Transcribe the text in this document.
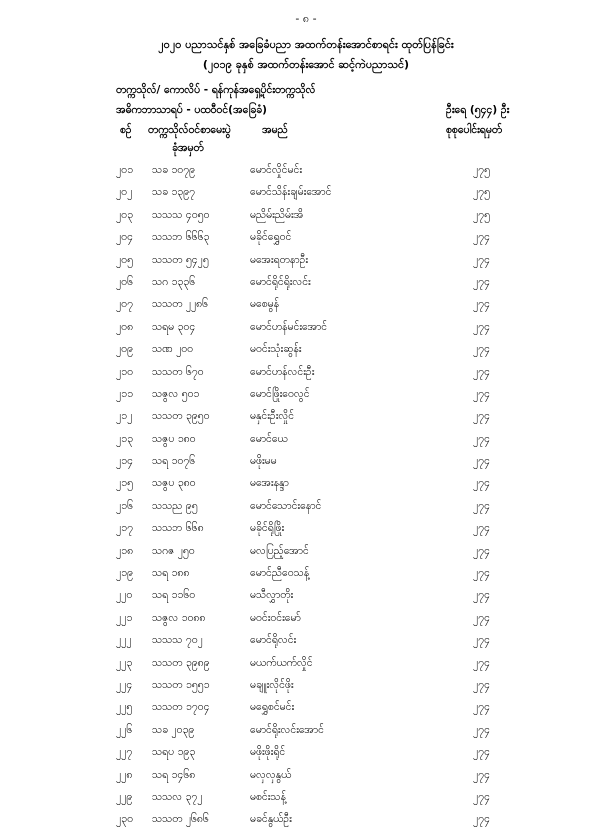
- ၈ -
၂၀၂၀ ပညာသင်နှစ် အခြေခံပညာ အထက်တန်းအောင်စာရင်း ထုတ်ပြန်ခြင်း
(၂၀၁၉ ခုနှစ် အထက်တန်းအောင် ဆင့်ကဲပညာသင်)
တက္ကသိုလ်/ ကောလိပ် - ရန်ကုန်အရှေ့ပိုင်းတက္ကသိုလ်
အဓိကဘာသာရပ် - ပထဝီဝင်(အခြေခံ)	ဦးရေ (၅၄၄) ဦး
စဉ် တက္ကသိုလ်ဝင်စာမေးပွဲ
ခုံအမှတ်
အမည်	စုစုပေါင်းရမှတ်
၂၀၁ သခ ၁၀၇၉	မောင်လှိုင်မင်း	၂၇၅
၂၀၂ သခ ၁၃၉၇	မောင်သိန်းချမ်းအောင်	၂၇၅
၂၀၃ သသသ ၄၀၅၀	မညိမ်းညိမ်းအိ	၂၇၅
၂၀၄ သသဘ ၆၆၆၃	မခိုင်ရွှေဝင်	၂၇၄
၂၀၅ သသတ ၅၄၂၅	မအေးရတနာဦး	၂၇၄
၂၀၆ သဂ ၁၃၃၆	မောင်ရိုင်ရိုးလင်း	၂၇၄
၂၀၇ သသတ ၂၂၈၆	မစေမွန်	၂၇၄
၂၀၈ သရမ ၃၀၄	မောင်ဟန်မင်းအောင်	၂၇၄
၂၀၉ သဏ ၂၀၀	မဝင်းသုံးဆွန်း	၂၇၄
၂၁၀ သသတ ၆၇၀	မောင်ဟန်လင်းဦး	၂၇၄
၂၁၁ သဇွလ ၅၀၁	မောင်ဖြိုးဝေလွင်	၂၇၄
၂၁၂ သသတ ၃၉၅၀	မနှင်းဦးလှိုင်	၂၇၄
၂၁၃ သဇွပ ၁၈၀	မောင်ယေ	၂၇၄
၂၁၄ သရ ၁၀၇၆	မဖိုးမမ	၂၇၄
၂၁၅ သဇွပ ၃၈၀	မအေးနန္ဒာ	၂၇၄
၂၁၆ သသည ၉၅	မောင်သောင်းနောင်	၂၇၄
၂၁၇ သသဘ ၆၆၈	မခိုင်ရိုဖြိုး	၂၇၄
၂၁၈ သဂဇ ၂၅၀	မလပြည့်အောင်	၂၇၄
၂၁၉ သရ ၁၈၈	မောင်ညီဝေသန့်	၂၇၄
၂၂၀ သရ ၁၁၆၀	မသီလွှာတိုး	၂၇၄
၂၂၁ သဇွလ ၁၀၈၈	မဝင်းဝင်းမော်	၂၇၄
၂၂၂ သသသ ၇၀၂	မောင်ရိုလင်း	၂၇၄
၂၂၃ သသတ ၃၉၈၉	မယက်ယက်လှိုင်	၂၇၄
၂၂၄ သသတ ၁၅၅၁	မချူးလိုင်ဖိုး	၂၇၄
၂၂၅ သသတ ၁၇၀၄	မရွှေစင်မင်း	၂၇၄
၂၂၆ သခ ၂၀၃၉	မောင်ရိုးလင်းအောင်	၂၇၄
၂၂၇ သရပ ၁၉၃	မဖိုးဖိုးရိုင်	၂၇၄
၂၂၈ သရ ၁၄၆၈	မလှလှနွယ်	၂၇၄
၂၂၉ သသလ ၃၇၂	မစင်းသန့်	၂၇၄
၂၃၀ သသတ ၂၆၈၆	မခင်နွယ်ဦး	၂၇၄
